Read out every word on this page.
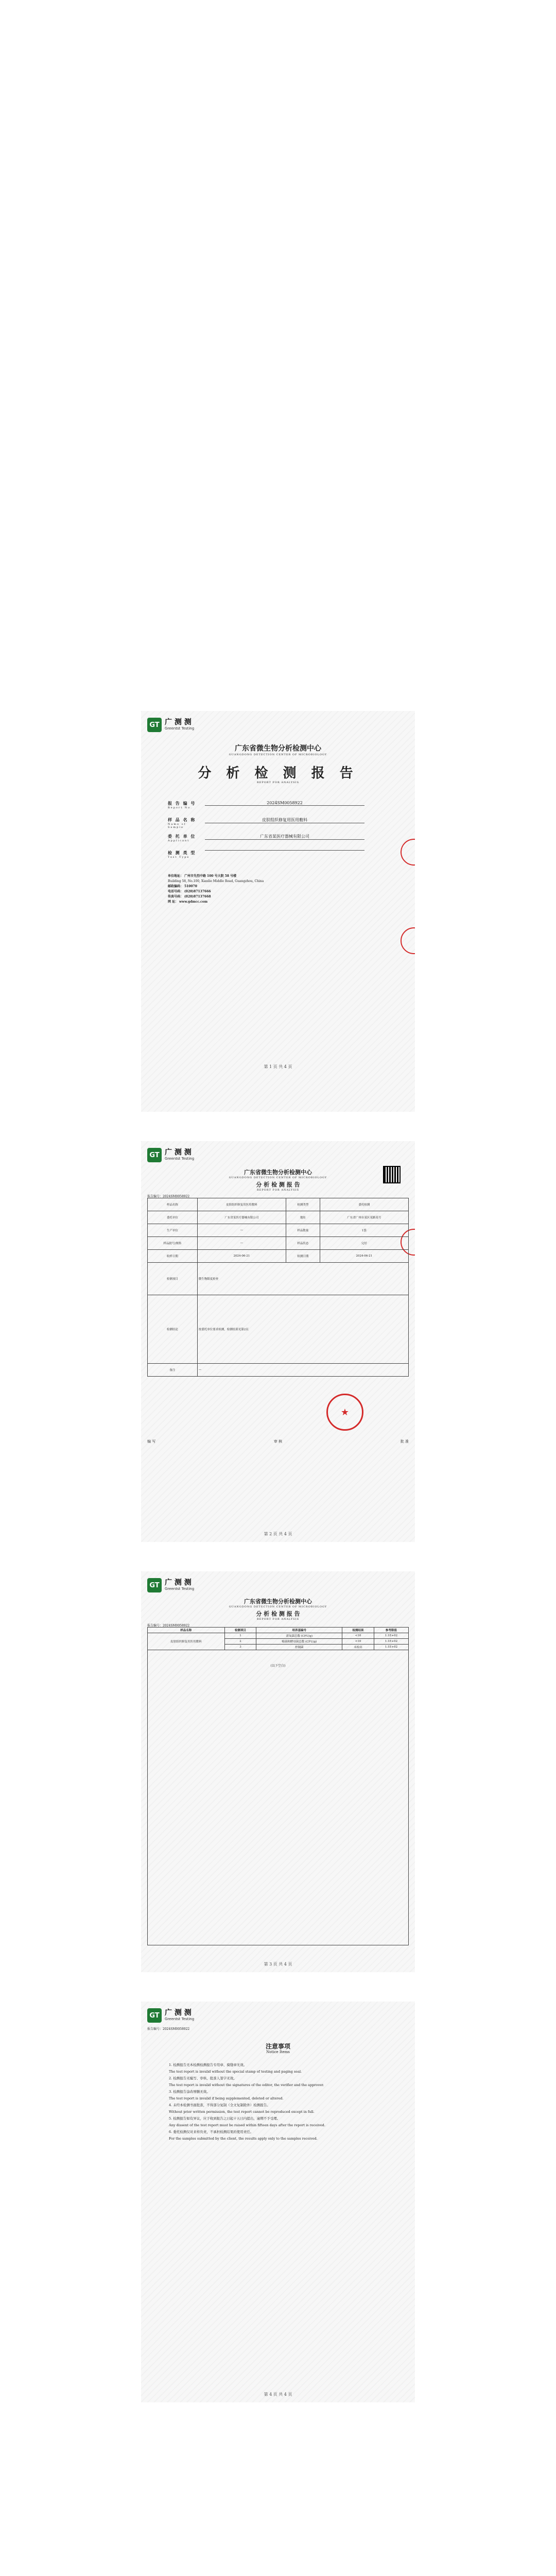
GT 广 测 测
Greentst Testing
广东省微生物分析检测中心
GUANGDONG DETECTION CENTER OF MICROBIOLOGY
分 析 检 测 报 告
REPORT FOR ANALYSIS
报 告 编 号
Report No.
2024SM0058922
样 品 名 称
Name of Sample
皮肤组织修复用医用敷料
委 托 单 位
Applicant
广东省某医疗器械有限公司
检 测 类 型
Test Type
单位地址： 广州市先烈中路 100 号大院 58 号楼
Building 58, No.100, Xianlie Middle Road, Guangzhou, China
邮政编码： 510070
电话号码： (020)87137666
传真号码： (020)87137668
网 址： www.gdmcc.com
第 1 页 共 4 页
GT 广 测 测
Greentst Testing
广东省微生物分析检测中心
GUANGDONG DETECTION CENTER OF MICROBIOLOGY
分 析 检 测 报 告
REPORT FOR ANALYSIS
报告编号：2024SM0058922
样品名称	皮肤组织修复用医用敷料	检测类型	委托检测
委托单位	广东省某医疗器械有限公司	地址	广东省广州市某区某路某号
生产单位	—	样品数量	1袋
样品批号/规格	—	样品状态	完好
收样日期	2024-06-21	检测日期	2024-06-21
检测项目	微生物限度检查		
检测结论	按委托单位要求检测，检测结果见第2页		
备注	—		
★
编 写	审 核	批 准
第 2 页 共 4 页
GT 广 测 测
Greentst Testing
广东省微生物分析检测中心
GUANGDONG DETECTION CENTER OF MICROBIOLOGY
分 析 检 测 报 告
REPORT FOR ANALYSIS
报告编号：2024SM0058922
样品名称	检测项目	培养基编号	检测结果	参考限值
皮肤组织修复用医用敷料	1	需氧菌总数 (CFU/g)	<10	1.1E+02
	2	霉菌和酵母菌总数 (CFU/g)	<10	1.1E+02
	3	控制菌	未检出	1.1E+02
(以下空白)
第 3 页 共 4 页
GT 广 测 测
Greentst Testing
报告编号：2024SM0058922
注意事项
Notice Items

1. 检测报告无本检测检测报告专用章、骑缝章无效。

The test report is invalid without the special stamp of testing and paging seal.

2. 检测报告无编写、审核、批准人签字无效。

The test report is invalid without the signatures of the editor, the verifier and the approver.

3. 检测报告涂改增删无效。

The test report is invalid if being supplemented, deleted or altered.

4. 未经本检测书面批准，不得部分复制（全文复制除外）检测报告。

Without prior written permission, the test report cannot be reproduced except in full.

5. 检测报告如有异议，应于收到报告之日起十五日内提出，逾期不予受理。

Any dissent of the test report must be raised within fifteen days after the report is received.

6. 委托检测仅对来样负责，不承担检测结果的使用责任。

For the samples submitted by the client, the results apply only to the samples received.

第 4 页 共 4 页
